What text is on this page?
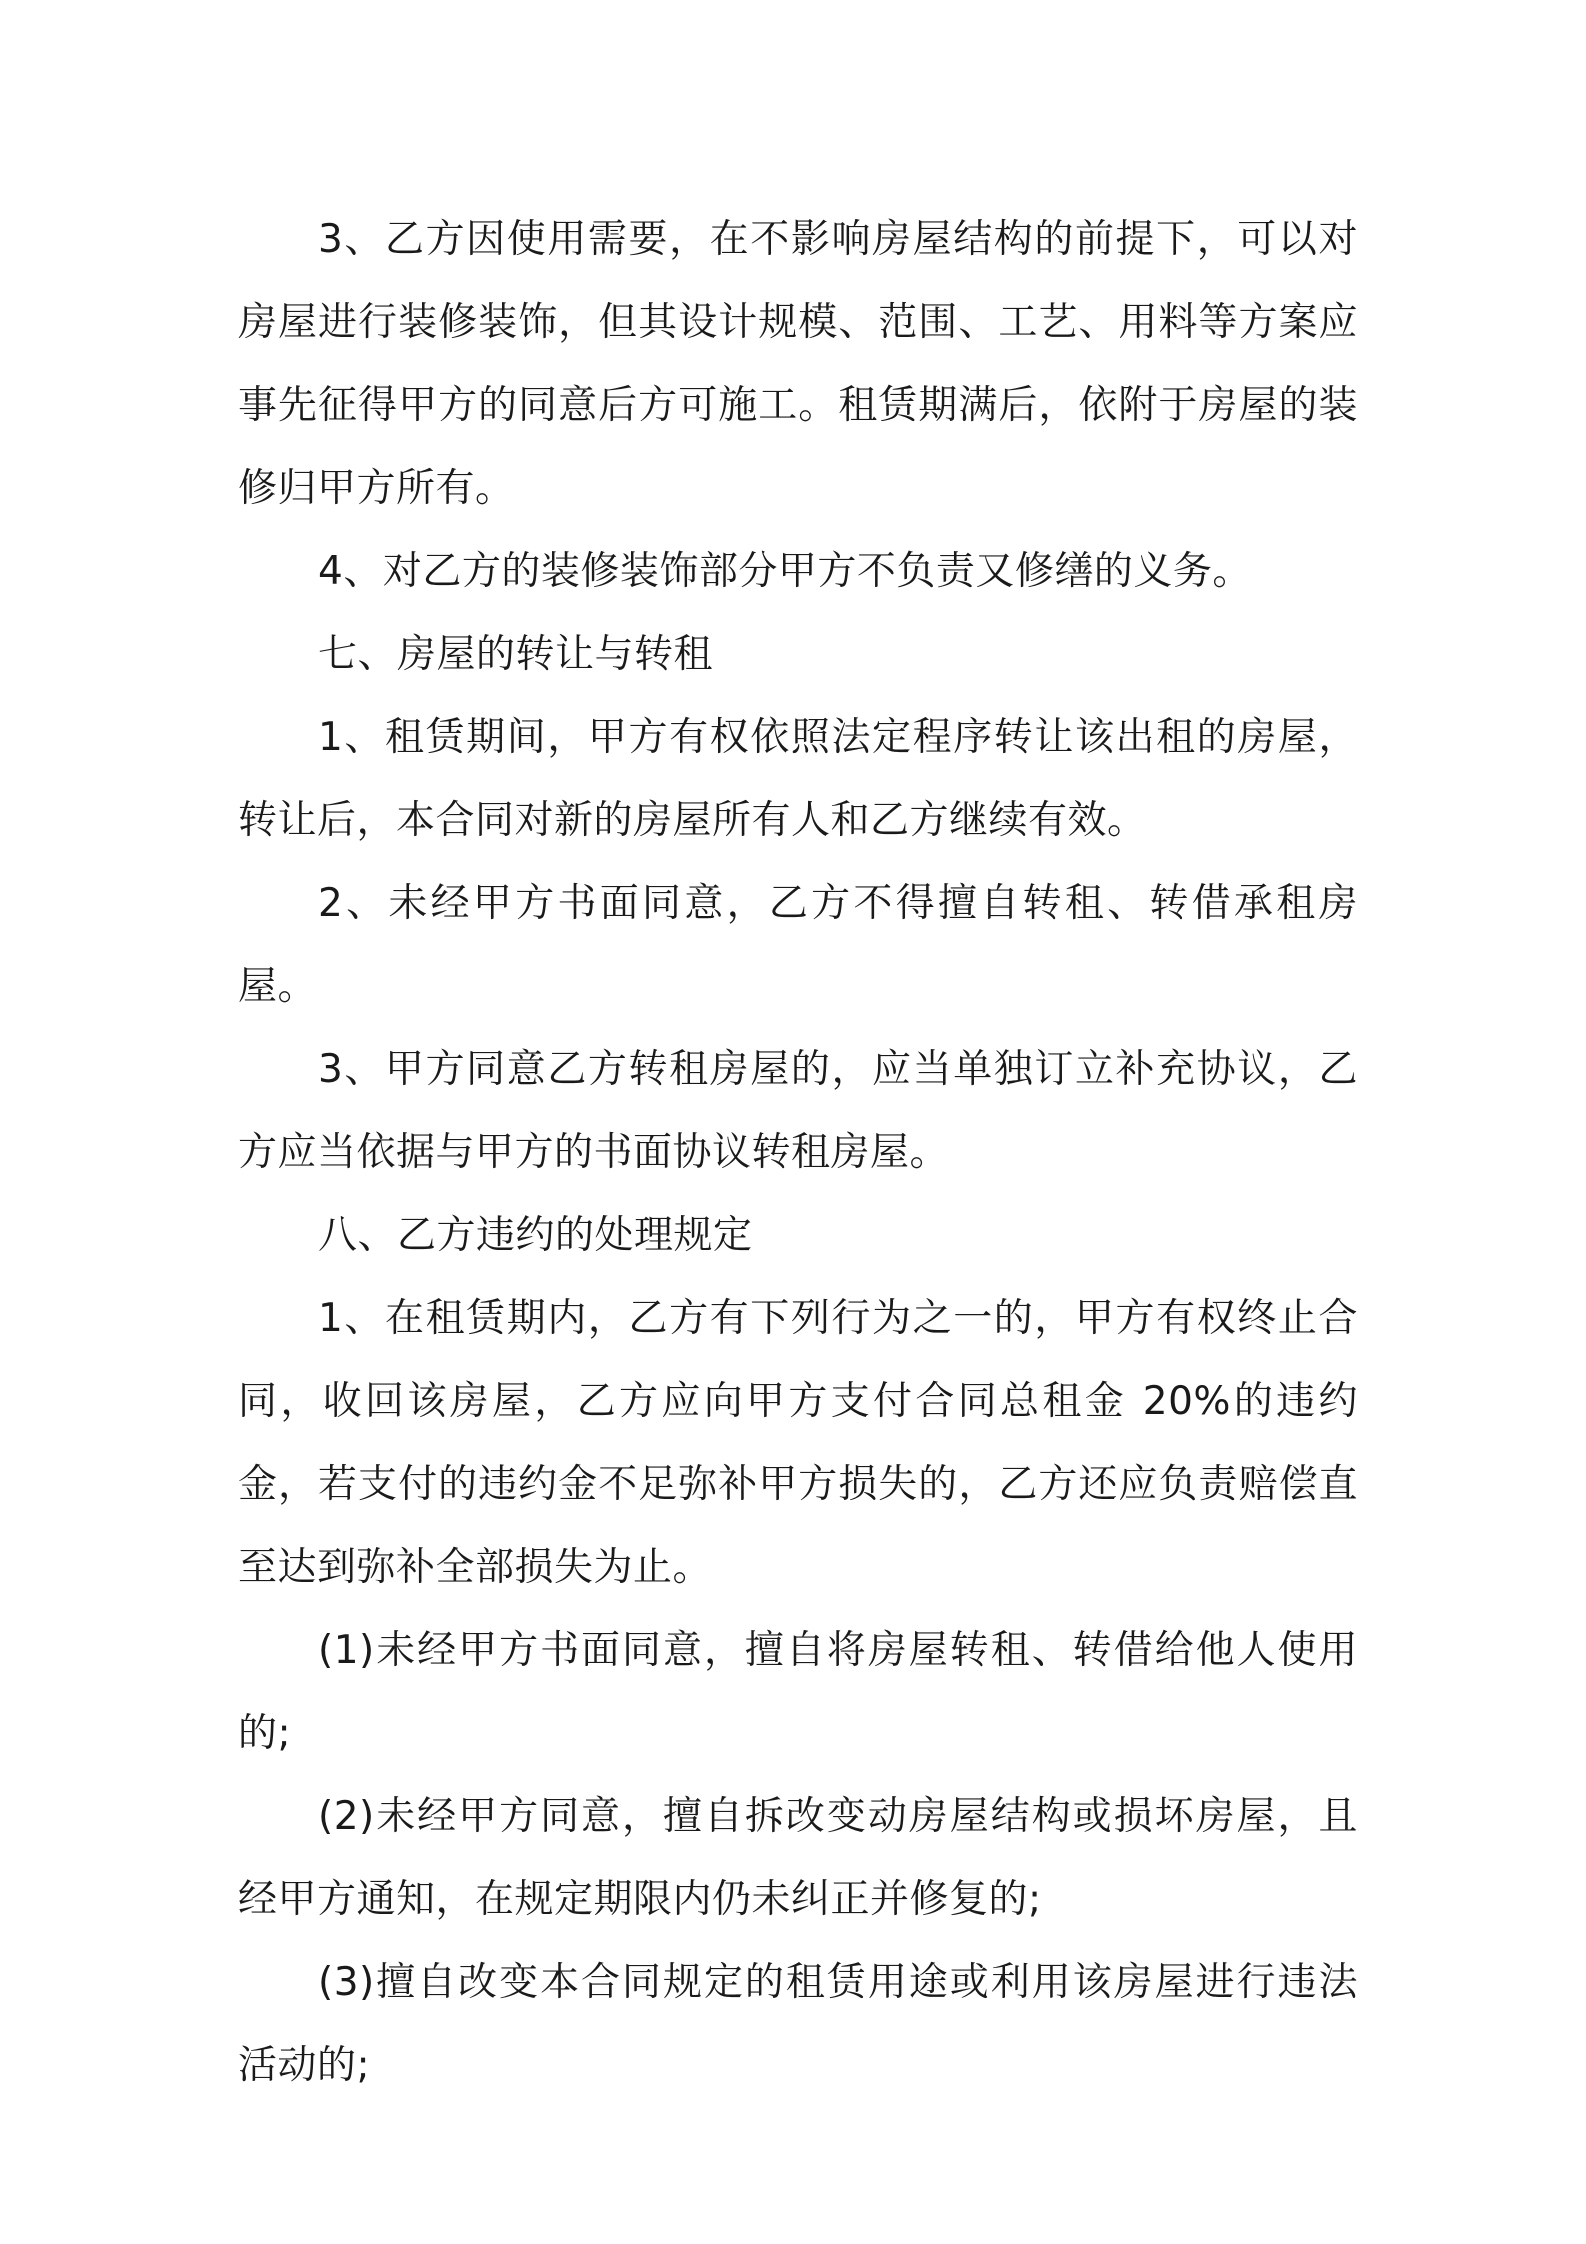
3、乙方因使用需要，在不影响房屋结构的前提下，可以对房屋进行装修装饰，但其设计规模、范围、工艺、用料等方案应事先征得甲方的同意后方可施工。租赁期满后，依附于房屋的装修归甲方所有。

4、对乙方的装修装饰部分甲方不负责又修缮的义务。

七、房屋的转让与转租

1、租赁期间，甲方有权依照法定程序转让该出租的房屋，转让后，本合同对新的房屋所有人和乙方继续有效。

2、未经甲方书面同意，乙方不得擅自转租、转借承租房屋。

3、甲方同意乙方转租房屋的，应当单独订立补充协议，乙方应当依据与甲方的书面协议转租房屋。

八、乙方违约的处理规定

1、在租赁期内，乙方有下列行为之一的，甲方有权终止合同，收回该房屋，乙方应向甲方支付合同总租金 20%的违约金，若支付的违约金不足弥补甲方损失的，乙方还应负责赔偿直至达到弥补全部损失为止。

(1)未经甲方书面同意，擅自将房屋转租、转借给他人使用的;

(2)未经甲方同意，擅自拆改变动房屋结构或损坏房屋，且经甲方通知，在规定期限内仍未纠正并修复的;

(3)擅自改变本合同规定的租赁用途或利用该房屋进行违法活动的;
